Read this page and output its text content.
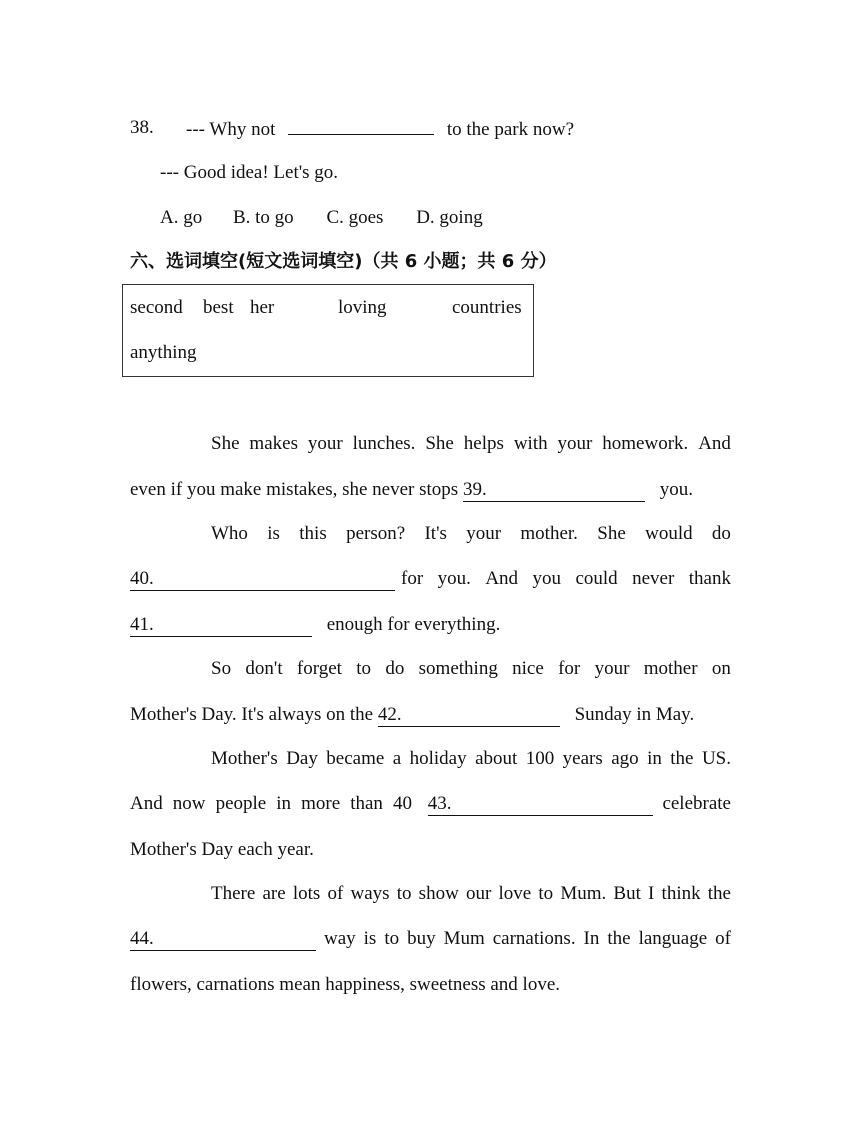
38. --- Why not	to the park now?
--- Good idea! Let's go.
A. go B. to go C. goes D. going
六、选词填空(短文选词填空)（共 6 小题；共 6 分）
second best her	loving	countries
anything
She makes your lunches. She helps with your homework. And
even if you make mistakes, she never stops 39.	you.
Who is this person? It's your mother. She would do
40.	for you. And you could never thank
41.	enough for everything.
So don't forget to do something nice for your mother on
Mother's Day. It's always on the 42.	Sunday in May.
Mother's Day became a holiday about 100 years ago in the US.
And now people in more than 40 43.	celebrate
Mother's Day each year.
There are lots of ways to show our love to Mum. But I think the
44.	way is to buy Mum carnations. In the language of
flowers, carnations mean happiness, sweetness and love.
